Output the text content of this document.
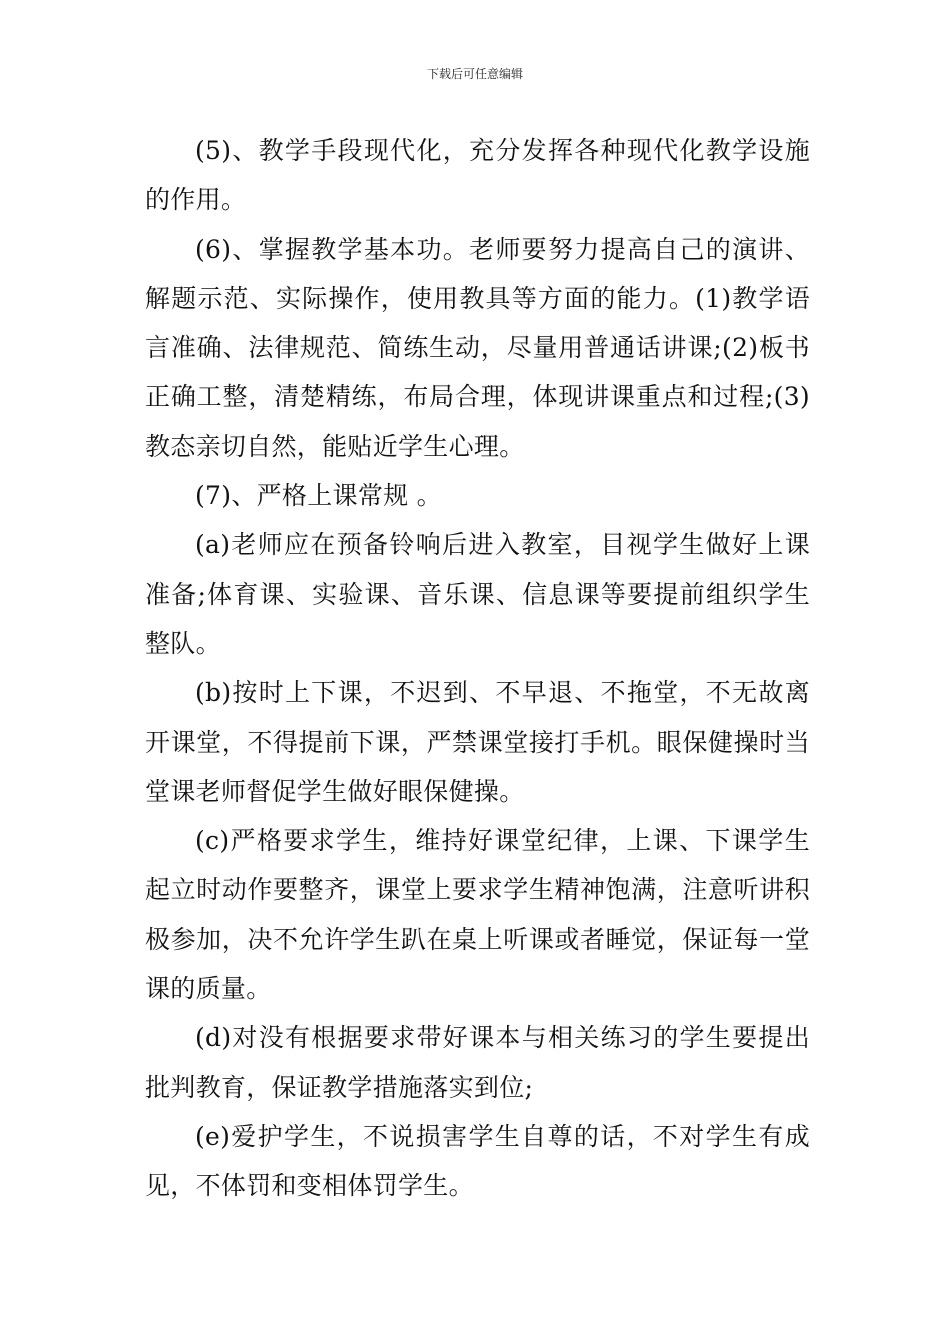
下载后可任意编辑

(5)、教学手段现代化，充分发挥各种现代化教学设施的作用。

(6)、掌握教学基本功。老师要努力提高自己的演讲、解题示范、实际操作，使用教具等方面的能力。(1)教学语言准确、法律规范、简练生动，尽量用普通话讲课;(2)板书正确工整，清楚精练，布局合理，体现讲课重点和过程;(3)教态亲切自然，能贴近学生心理。

(7)、严格上课常规 。

(a)老师应在预备铃响后进入教室，目视学生做好上课准备;体育课、实验课、音乐课、信息课等要提前组织学生整队。

(b)按时上下课，不迟到、不早退、不拖堂，不无故离开课堂，不得提前下课，严禁课堂接打手机。眼保健操时当堂课老师督促学生做好眼保健操。

(c)严格要求学生，维持好课堂纪律，上课、下课学生起立时动作要整齐，课堂上要求学生精神饱满，注意听讲积极参加，决不允许学生趴在桌上听课或者睡觉，保证每一堂课的质量。

(d)对没有根据要求带好课本与相关练习的学生要提出批判教育，保证教学措施落实到位;

(e)爱护学生，不说损害学生自尊的话，不对学生有成见，不体罚和变相体罚学生。
